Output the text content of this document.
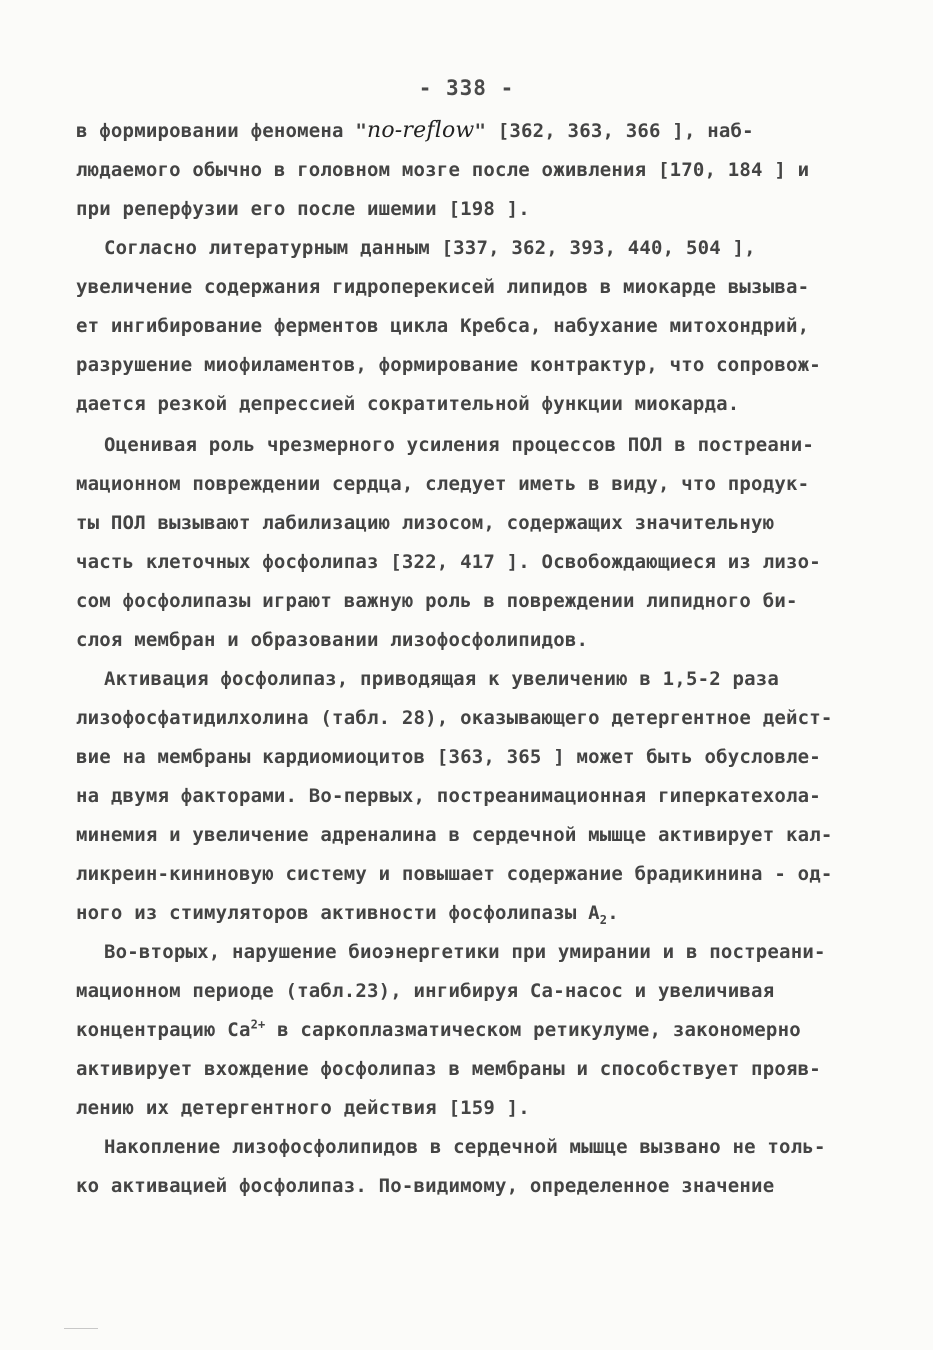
- 338 -
в формировании феномена "no-reflow" [362, 363, 366 ], наб-
людаемого обычно в головном мозге после оживления [170, 184 ] и
при реперфузии его после ишемии [198 ].
Согласно литературным данным [337, 362, 393, 440, 504 ],
увеличение содержания гидроперекисей липидов в миокарде вызыва-
ет ингибирование ферментов цикла Кребса, набухание митохондрий,
разрушение миофиламентов, формирование контрактур, что сопровож-
дается резкой депрессией сократительной функции миокарда.
Оценивая роль чрезмерного усиления процессов ПОЛ в постреани-
мационном повреждении сердца, следует иметь в виду, что продук-
ты ПОЛ вызывают лабилизацию лизосом, содержащих значительную
часть клеточных фосфолипаз [322, 417 ]. Освобождающиеся из лизо-
сом фосфолипазы играют важную роль в повреждении липидного би-
слоя мембран и образовании лизофосфолипидов.
Активация фосфолипаз, приводящая к увеличению в 1,5-2 раза
лизофосфатидилхолина (табл. 28), оказывающего детергентное дейст-
вие на мембраны кардиомиоцитов [363, 365 ] может быть обусловле-
на двумя факторами. Во-первых, постреанимационная гиперкатехола-
минемия и увеличение адреналина в сердечной мышце активирует кал-
ликреин-кининовую систему и повышает содержание брадикинина - од-
ного из стимуляторов активности фосфолипазы $А_2$.
Во-вторых, нарушение биоэнергетики при умирании и в постреани-
мационном периоде (табл.23), ингибируя Са-насос и увеличивая
концентрацию $Са^{2+}$ в саркоплазматическом ретикулуме, закономерно
активирует вхождение фосфолипаз в мембраны и способствует прояв-
лению их детергентного действия [159 ].
Накопление лизофосфолипидов в сердечной мышце вызвано не толь-
ко активацией фосфолипаз. По-видимому, определенное значение
